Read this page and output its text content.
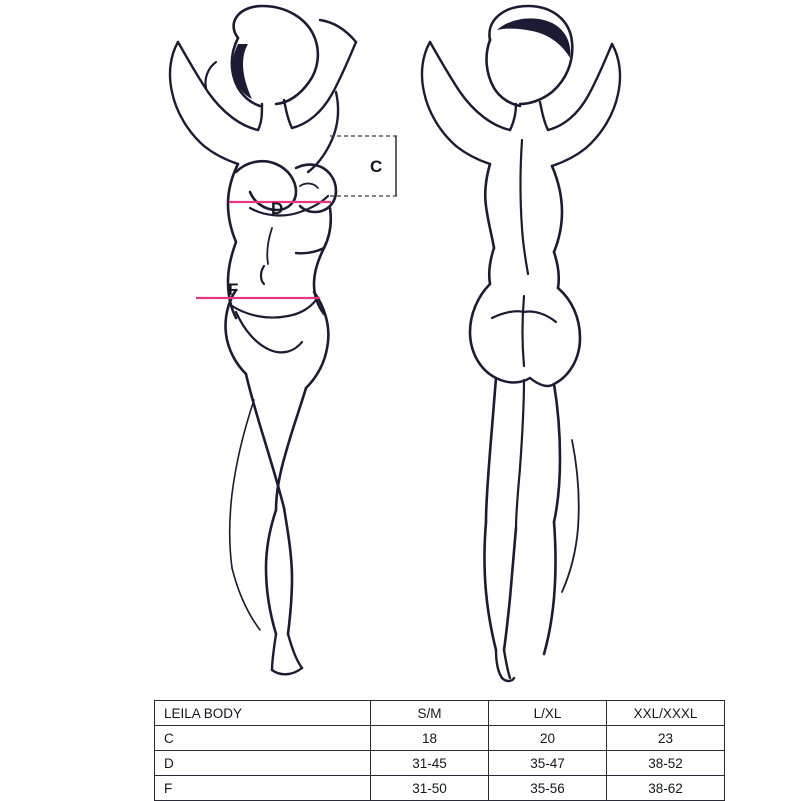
C
D
F
LEILA BODY	S/M	L/XL	XXL/XXXL
C	18	20	23
D	31-45	35-47	38-52
F	31-50	35-56	38-62
